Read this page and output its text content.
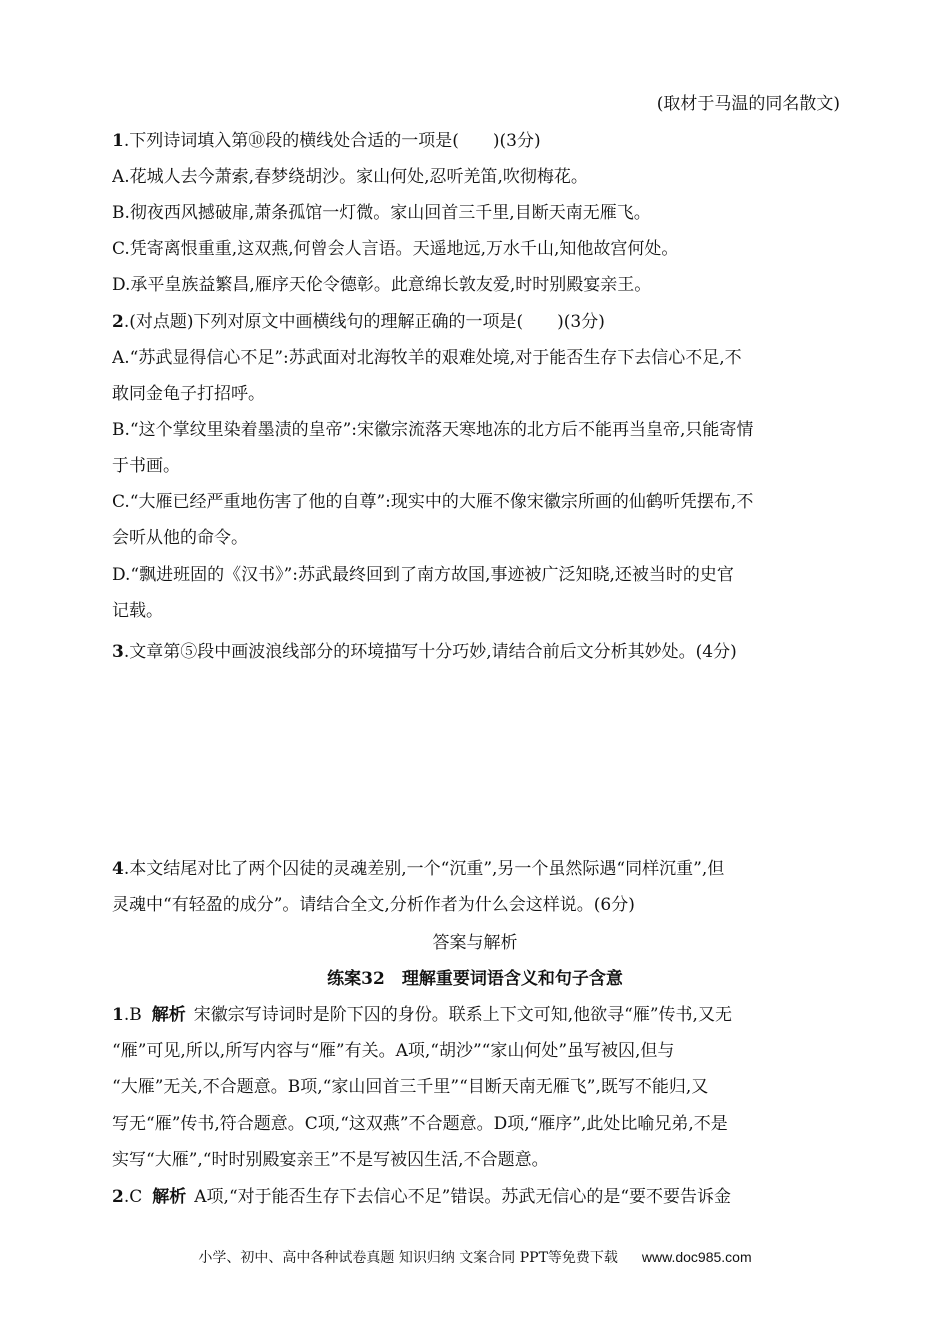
(取材于马温的同名散文)
1.下列诗词填入第⑩段的横线处合适的一项是(　　)(3分)
A.花城人去今萧索,春梦绕胡沙。家山何处,忍听羌笛,吹彻梅花。
B.彻夜西风撼破扉,萧条孤馆一灯微。家山回首三千里,目断天南无雁飞。
C.凭寄离恨重重,这双燕,何曾会人言语。天遥地远,万水千山,知他故宫何处。
D.承平皇族益繁昌,雁序天伦令德彰。此意绵长敦友爱,时时别殿宴亲王。
2.(对点题)下列对原文中画横线句的理解正确的一项是(　　)(3分)
A.“苏武显得信心不足”:苏武面对北海牧羊的艰难处境,对于能否生存下去信心不足,不
敢同金龟子打招呼。
B.“这个掌纹里染着墨渍的皇帝”:宋徽宗流落天寒地冻的北方后不能再当皇帝,只能寄情
于书画。
C.“大雁已经严重地伤害了他的自尊”:现实中的大雁不像宋徽宗所画的仙鹤听凭摆布,不
会听从他的命令。
D.“飘进班固的《汉书》”:苏武最终回到了南方故国,事迹被广泛知晓,还被当时的史官
记载。
3.文章第⑤段中画波浪线部分的环境描写十分巧妙,请结合前后文分析其妙处。(4分)
4.本文结尾对比了两个囚徒的灵魂差别,一个“沉重”,另一个虽然际遇“同样沉重”,但
灵魂中“有轻盈的成分”。请结合全文,分析作者为什么会这样说。(6分)
答案与解析
练案32　理解重要词语含义和句子含意
1.B 解析 宋徽宗写诗词时是阶下囚的身份。联系上下文可知,他欲寻“雁”传书,又无
“雁”可见,所以,所写内容与“雁”有关。A项,“胡沙”“家山何处”虽写被囚,但与
“大雁”无关,不合题意。B项,“家山回首三千里”“目断天南无雁飞”,既写不能归,又
写无“雁”传书,符合题意。C项,“这双燕”不合题意。D项,“雁序”,此处比喻兄弟,不是
实写“大雁”,“时时别殿宴亲王”不是写被囚生活,不合题意。
2.C 解析 A项,“对于能否生存下去信心不足”错误。苏武无信心的是“要不要告诉金
小学、初中、高中各种试卷真题 知识归纳 文案合同 PPT等免费下载 www.doc985.com
